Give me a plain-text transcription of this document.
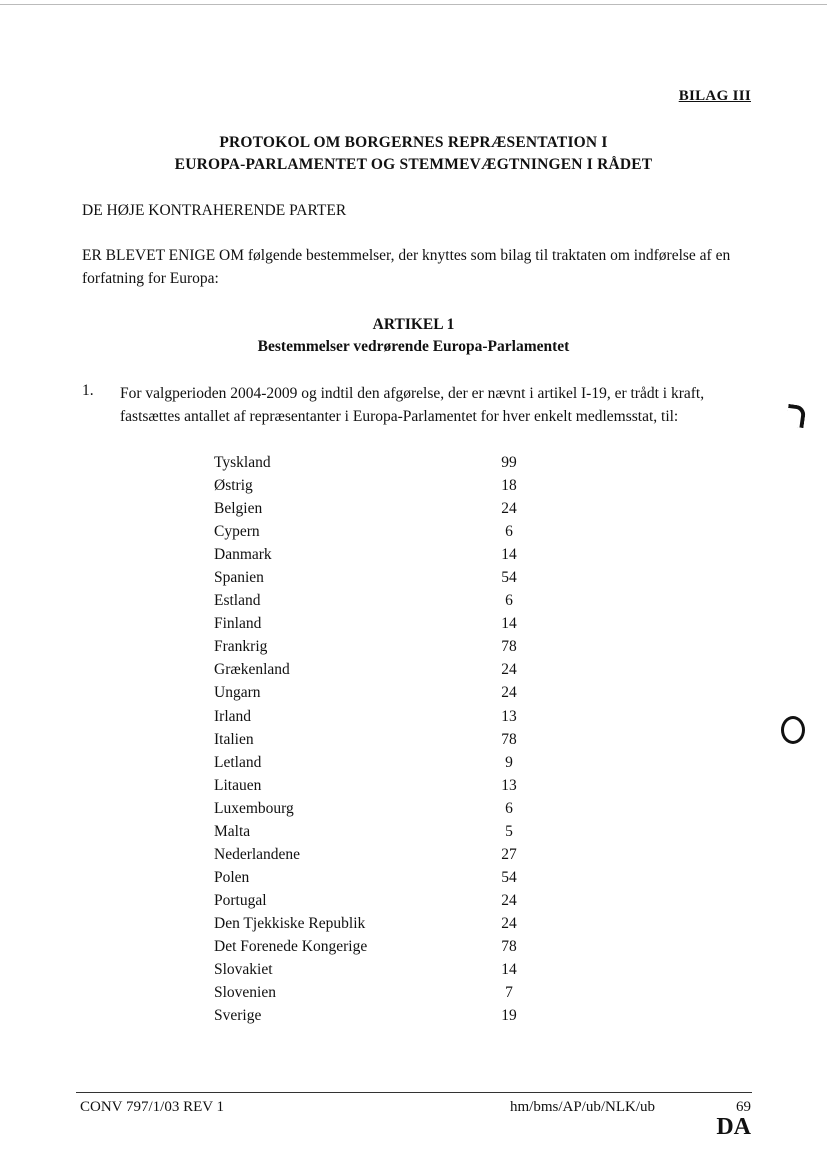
BILAG III
PROTOKOL OM BORGERNES REPRÆSENTATION I
EUROPA-PARLAMENTET OG STEMMEVÆGTNINGEN I RÅDET
DE HØJE KONTRAHERENDE PARTER
ER BLEVET ENIGE OM følgende bestemmelser, der knyttes som bilag til traktaten om indførelse af en forfatning for Europa:
ARTIKEL 1
Bestemmelser vedrørende Europa-Parlamentet
1. For valgperioden 2004-2009 og indtil den afgørelse, der er nævnt i artikel I-19, er trådt i kraft, fastsættes antallet af repræsentanter i Europa-Parlamentet for hver enkelt medlemsstat, til:
Tyskland	99
Østrig	18
Belgien	24
Cypern	6
Danmark	14
Spanien	54
Estland	6
Finland	14
Frankrig	78
Grækenland	24
Ungarn	24
Irland	13
Italien	78
Letland	9
Litauen	13
Luxembourg	6
Malta	5
Nederlandene	27
Polen	54
Portugal	24
Den Tjekkiske Republik	24
Det Forenede Kongerige	78
Slovakiet	14
Slovenien	7
Sverige	19
CONV 797/1/03 REV 1	hm/bms/AP/ub/NLK/ub	69
DA
